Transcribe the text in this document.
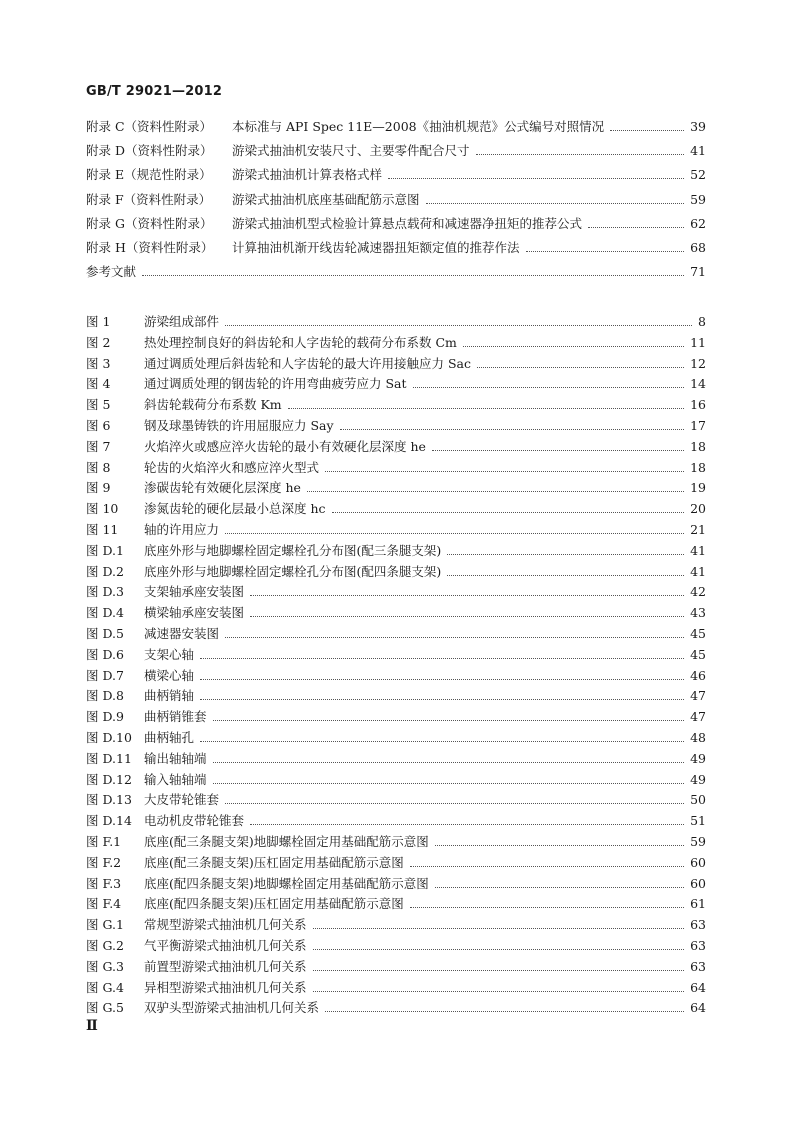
GB/T 29021—2012
附录 C（资料性附录）	本标准与 API Spec 11E—2008《抽油机规范》公式编号对照情况	39
附录 D（资料性附录）	游梁式抽油机安装尺寸、主要零件配合尺寸	41
附录 E（规范性附录）	游梁式抽油机计算表格式样	52
附录 F（资料性附录）	游梁式抽油机底座基础配筋示意图	59
附录 G（资料性附录）	游梁式抽油机型式检验计算悬点载荷和减速器净扭矩的推荐公式	62
附录 H（资料性附录）	计算抽油机渐开线齿轮减速器扭矩额定值的推荐作法	68
参考文献	71
图 1	游梁组成部件	8
图 2	热处理控制良好的斜齿轮和人字齿轮的载荷分布系数 Cm	11
图 3	通过调质处理后斜齿轮和人字齿轮的最大许用接触应力 Sac	12
图 4	通过调质处理的钢齿轮的许用弯曲疲劳应力 Sat	14
图 5	斜齿轮载荷分布系数 Km	16
图 6	钢及球墨铸铁的许用屈服应力 Say	17
图 7	火焰淬火或感应淬火齿轮的最小有效硬化层深度 he	18
图 8	轮齿的火焰淬火和感应淬火型式	18
图 9	渗碳齿轮有效硬化层深度 he	19
图 10	渗氮齿轮的硬化层最小总深度 hc	20
图 11	轴的许用应力	21
图 D.1	底座外形与地脚螺栓固定螺栓孔分布图(配三条腿支架)	41
图 D.2	底座外形与地脚螺栓固定螺栓孔分布图(配四条腿支架)	41
图 D.3	支架轴承座安装图	42
图 D.4	横梁轴承座安装图	43
图 D.5	减速器安装图	45
图 D.6	支架心轴	45
图 D.7	横梁心轴	46
图 D.8	曲柄销轴	47
图 D.9	曲柄销锥套	47
图 D.10 曲柄轴孔	48
图 D.11 输出轴轴端	49
图 D.12 输入轴轴端	49
图 D.13 大皮带轮锥套	50
图 D.14 电动机皮带轮锥套	51
图 F.1	底座(配三条腿支架)地脚螺栓固定用基础配筋示意图	59
图 F.2	底座(配三条腿支架)压杠固定用基础配筋示意图	60
图 F.3	底座(配四条腿支架)地脚螺栓固定用基础配筋示意图	60
图 F.4	底座(配四条腿支架)压杠固定用基础配筋示意图	61
图 G.1	常规型游梁式抽油机几何关系	63
图 G.2	气平衡游梁式抽油机几何关系	63
图 G.3	前置型游梁式抽油机几何关系	63
图 G.4	异相型游梁式抽油机几何关系	64
图 G.5	双驴头型游梁式抽油机几何关系	64
Ⅱ
